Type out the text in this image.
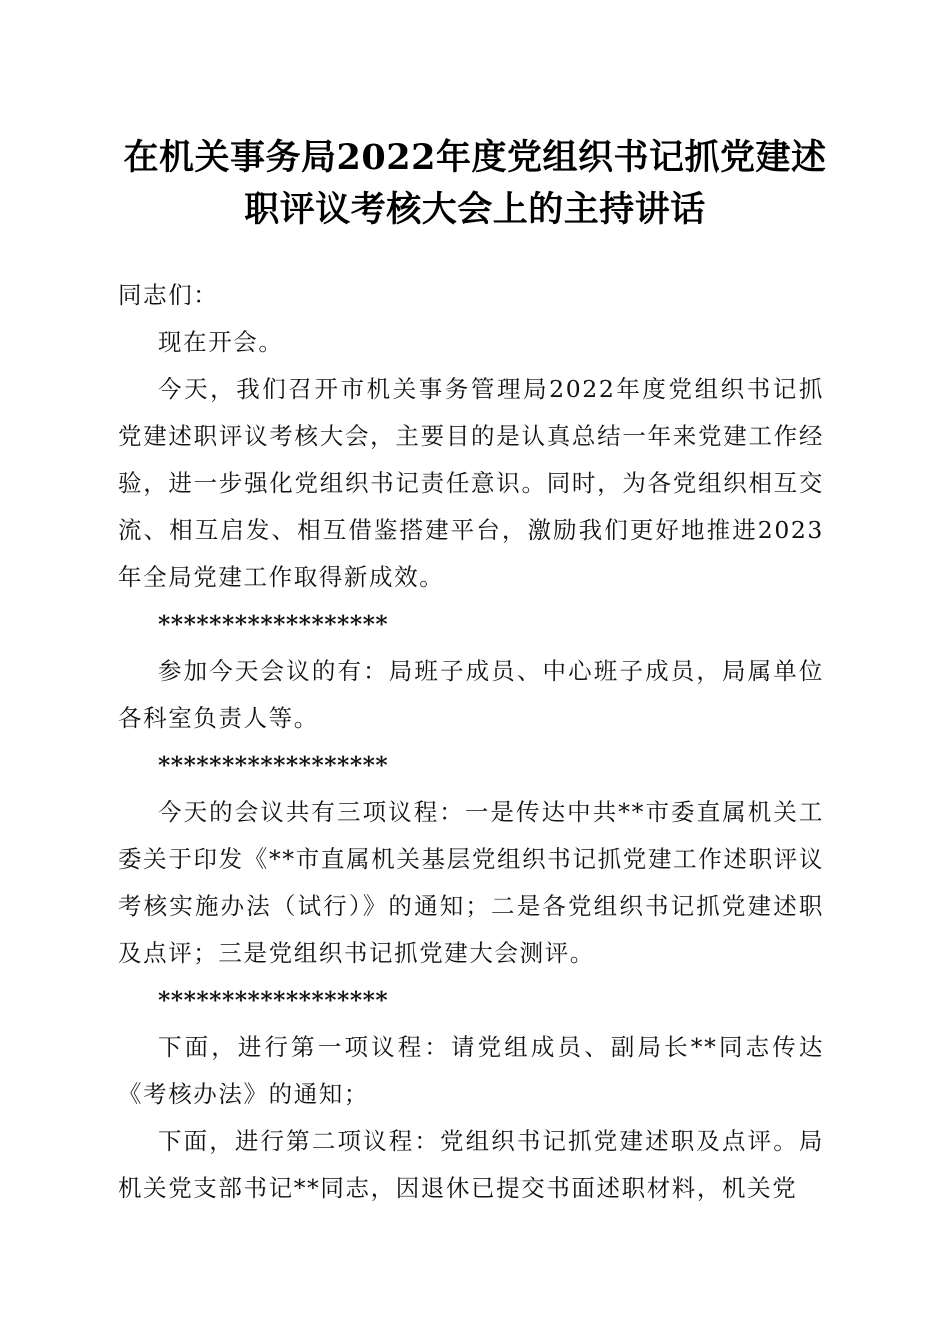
在机关事务局2022年度党组织书记抓党建述
职评议考核大会上的主持讲话

同志们：

现在开会。

今天，我们召开市机关事务管理局2022年度党组织书记抓党建述职评议考核大会，主要目的是认真总结一年来党建工作经验，进一步强化党组织书记责任意识。同时，为各党组织相互交流、相互启发、相互借鉴搭建平台，激励我们更好地推进2023年全局党建工作取得新成效。

******************

参加今天会议的有：局班子成员、中心班子成员，局属单位各科室负责人等。

******************

今天的会议共有三项议程：一是传达中共**市委直属机关工委关于印发《**市直属机关基层党组织书记抓党建工作述职评议考核实施办法（试行）》的通知；二是各党组织书记抓党建述职及点评；三是党组织书记抓党建大会测评。

******************

下面，进行第一项议程：请党组成员、副局长**同志传达《考核办法》的通知；

下面，进行第二项议程：党组织书记抓党建述职及点评。局机关党支部书记**同志，因退休已提交书面述职材料，机关党
